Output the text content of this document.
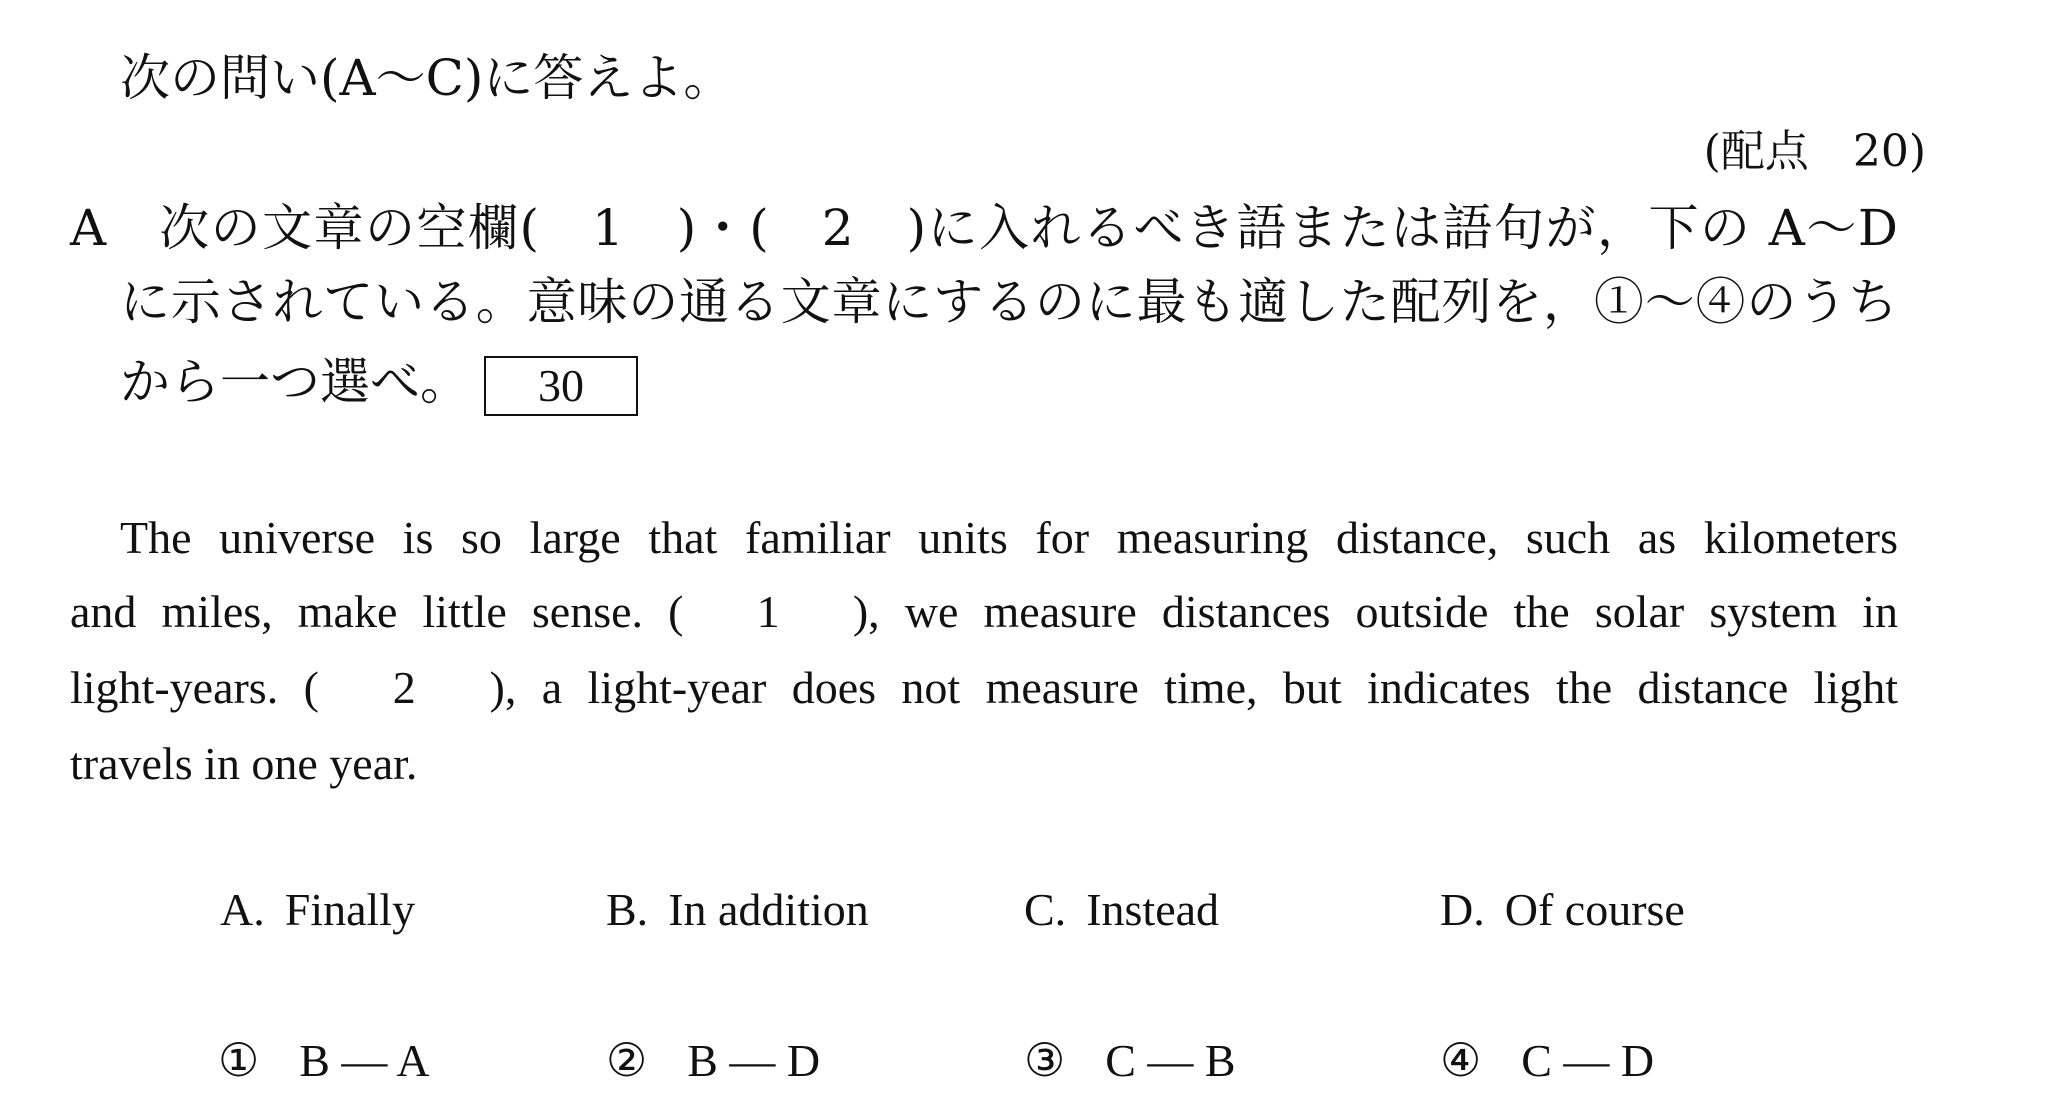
次の問い(A〜C)に答えよ。
(配点　20)
A　次の文章の空欄(　1　)・(　2　)に入れるべき語または語句が，下の A〜D
に示されている。意味の通る文章にするのに最も適した配列を，①〜④のうち
から一つ選べ。 30
The universe is so large that familiar units for measuring distance, such as kilometers
and miles, make little sense. (　1　), we measure distances outside the solar system in
light-years. (　2　), a light-year does not measure time, but indicates the distance light
travels in one year.
A. Finally	B. In addition	C. Instead	D. Of course
① B — A	② B — D	③ C — B	④ C — D
